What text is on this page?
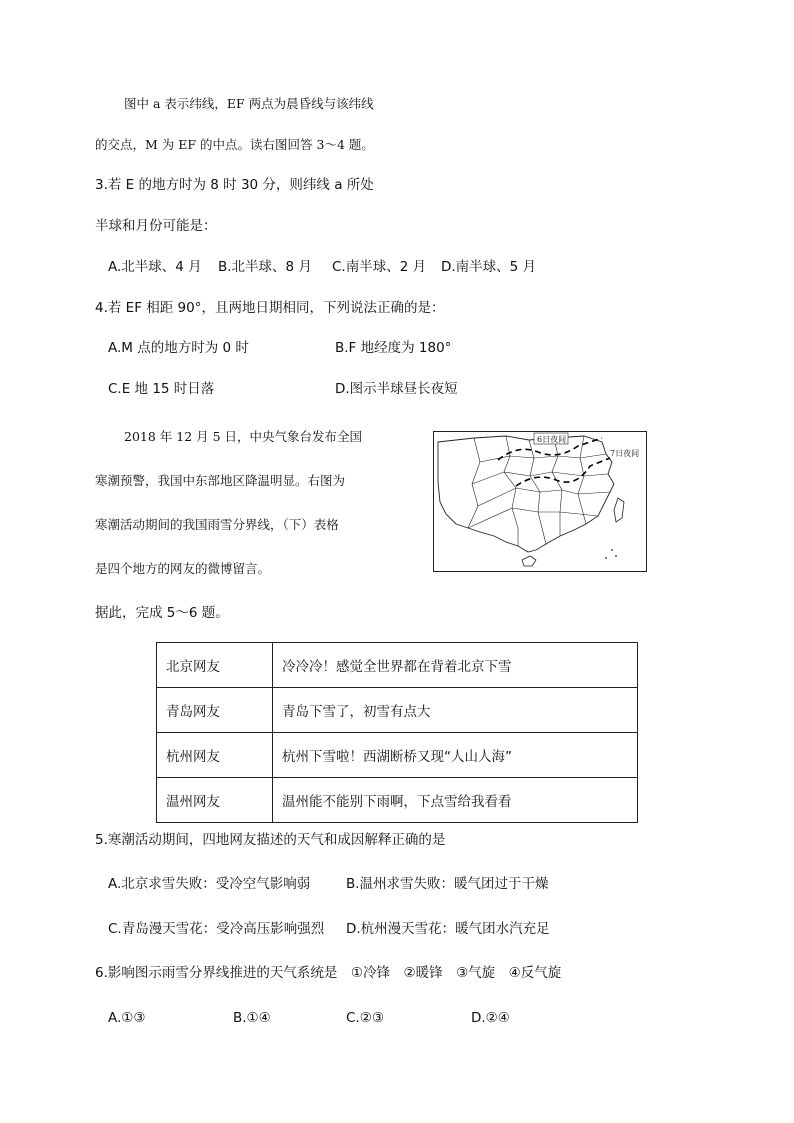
图中 a 表示纬线，EF 两点为晨昏线与该纬线
的交点，M 为 EF 的中点。读右图回答 3～4 题。
3.若 E 的地方时为 8 时 30 分，则纬线 a 所处
半球和月份可能是：
A.北半球、4 月 B.北半球、8 月 C.南半球、2 月 D.南半球、5 月
4.若 EF 相距 90°，且两地日期相同，下列说法正确的是：
A.M 点的地方时为 0 时	B.F 地经度为 180°
C.E 地 15 时日落	D.图示半球昼长夜短
2018 年 12 月 5 日，中央气象台发布全国
寒潮预警，我国中东部地区降温明显。右图为
寒潮活动期间的我国雨雪分界线，（下）表格
是四个地方的网友的微博留言。
据此，完成 5～6 题。
6日夜间
7日夜间
北京网友	冷冷冷！感觉全世界都在背着北京下雪
青岛网友	青岛下雪了，初雪有点大
杭州网友	杭州下雪啦！西湖断桥又现“人山人海”
温州网友	温州能不能别下雨啊，下点雪给我看看
5.寒潮活动期间，四地网友描述的天气和成因解释正确的是
A.北京求雪失败：受冷空气影响弱	B.温州求雪失败：暖气团过于干燥
C.青岛漫天雪花：受冷高压影响强烈 D.杭州漫天雪花：暖气团水汽充足
6.影响图示雨雪分界线推进的天气系统是　①冷锋　②暖锋　③气旋　④反气旋
A.①③	B.①④	C.②③	D.②④
